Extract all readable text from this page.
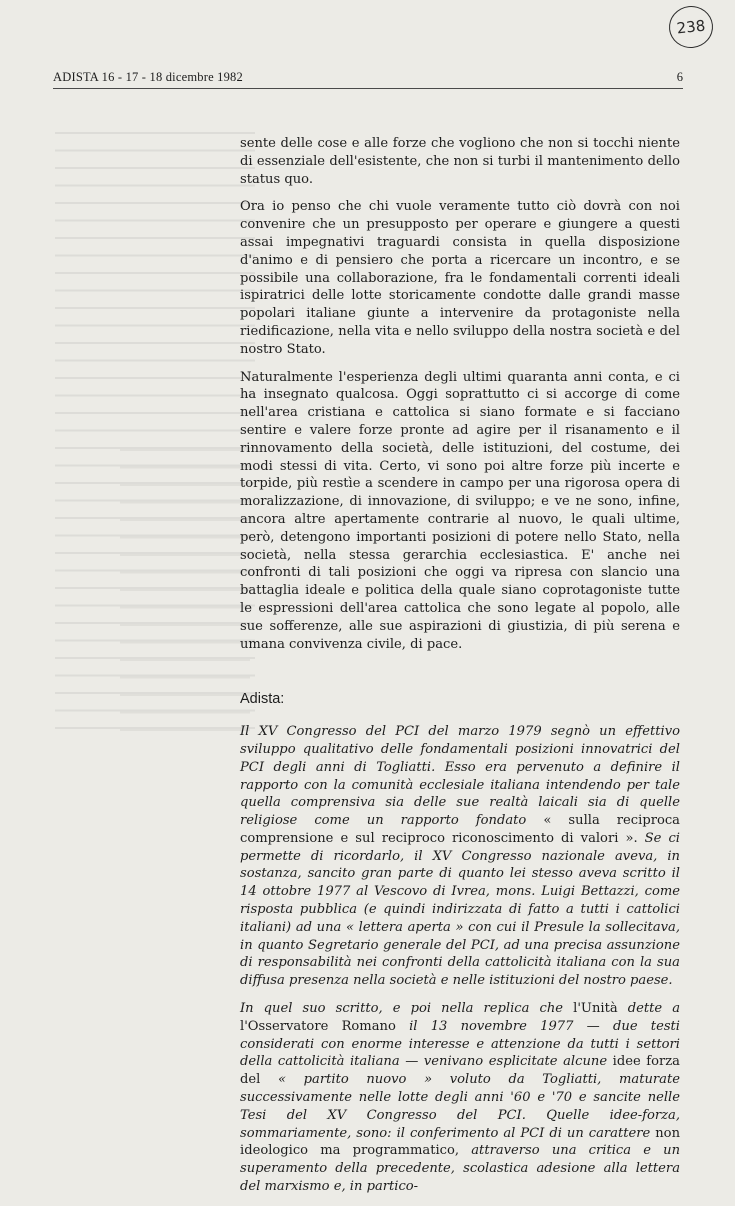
238
ADISTA 16 - 17 - 18 dicembre 1982	6

sente delle cose e alle forze che vogliono che non si tocchi niente di essenziale dell'esistente, che non si turbi il mantenimento dello status quo.

Ora io penso che chi vuole veramente tutto ciò dovrà con noi convenire che un presupposto per operare e giungere a questi assai impegnativi traguardi consista in quella disposizione d'animo e di pensiero che porta a ricercare un incontro, e se possibile una collaborazione, fra le fondamentali correnti ideali ispiratrici delle lotte storicamente condotte dalle grandi masse popolari italiane giunte a intervenire da protagoniste nella riedificazione, nella vita e nello sviluppo della nostra società e del nostro Stato.

Naturalmente l'esperienza degli ultimi quaranta anni conta, e ci ha insegnato qualcosa. Oggi soprattutto ci si accorge di come nell'area cristiana e cattolica si siano formate e si facciano sentire e valere forze pronte ad agire per il risanamento e il rinnovamento della società, delle istituzioni, del costume, dei modi stessi di vita. Certo, vi sono poi altre forze più incerte e torpide, più restìe a scendere in campo per una rigorosa opera di moralizzazione, di innovazione, di sviluppo; e ve ne sono, infine, ancora altre apertamente contrarie al nuovo, le quali ultime, però, detengono importanti posizioni di potere nello Stato, nella società, nella stessa gerarchia ecclesiastica. E' anche nei confronti di tali posizioni che oggi va ripresa con slancio una battaglia ideale e politica della quale siano coprotagoniste tutte le espressioni dell'area cattolica che sono legate al popolo, alle sue sofferenze, alle sue aspirazioni di giustizia, di più serena e umana convivenza civile, di pace.

Adista:

Il XV Congresso del PCI del marzo 1979 segnò un effettivo sviluppo qualitativo delle fondamentali posizioni innovatrici del PCI degli anni di Togliatti. Esso era pervenuto a definire il rapporto con la comunità ecclesiale italiana intendendo per tale quella comprensiva sia delle sue realtà laicali sia di quelle religiose come un rapporto fondato « sulla reciproca comprensione e sul reciproco riconoscimento di valori ». Se ci permette di ricordarlo, il XV Congresso nazionale aveva, in sostanza, sancito gran parte di quanto lei stesso aveva scritto il 14 ottobre 1977 al Vescovo di Ivrea, mons. Luigi Bettazzi, come risposta pubblica (e quindi indirizzata di fatto a tutti i cattolici italiani) ad una « lettera aperta » con cui il Presule la sollecitava, in quanto Segretario generale del PCI, ad una precisa assunzione di responsabilità nei confronti della cattolicità italiana con la sua diffusa presenza nella società e nelle istituzioni del nostro paese.

In quel suo scritto, e poi nella replica che l'Unità dette a l'Osservatore Romano il 13 novembre 1977 — due testi considerati con enorme interesse e attenzione da tutti i settori della cattolicità italiana — venivano esplicitate alcune idee forza del « partito nuovo » voluto da Togliatti, maturate successivamente nelle lotte degli anni '60 e '70 e sancite nelle Tesi del XV Congresso del PCI. Quelle idee-forza, sommariamente, sono: il conferimento al PCI di un carattere non ideologico ma programmatico, attraverso una critica e un superamento della precedente, scolastica adesione alla lettera del marxismo e, in partico-
